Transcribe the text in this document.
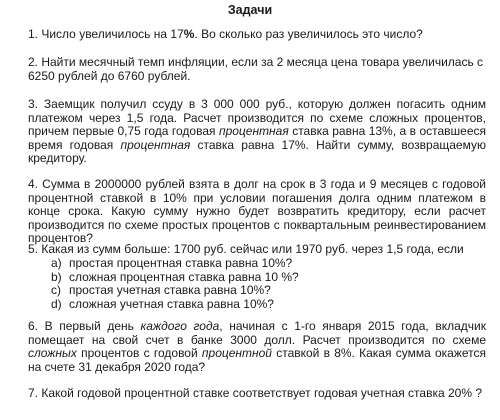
Задачи
1. Число увеличилось на 17%. Во сколько раз увеличилось это число?
2. Найти месячный темп инфляции, если за 2 месяца цена товара увеличилась с
6250 рублей до 6760 рублей.
3. Заемщик получил ссуду в 3 000 000 руб., которую должен погасить одним платежом через 1,5 года. Расчет производится по схеме сложных процентов, причем первые 0,75 года годовая процентная ставка равна 13%, а в оставшееся время годовая процентная ставка равна 17%. Найти сумму, возвращаемую кредитору.
4. Сумма в 2000000 рублей взята в долг на срок в 3 года и 9 месяцев с годовой процентной ставкой в 10% при условии погашения долга одним платежом в конце срока. Какую сумму нужно будет возвратить кредитору, если расчет производится по схеме простых процентов с поквартальным реинвестированием процентов?
5. Какая из сумм больше: 1700 руб. сейчас или 1970 руб. через 1,5 года, если
a) простая процентная ставка равна 10%?
b) сложная процентная ставка равна 10 %?
c) простая учетная ставка равна 10%?
d) сложная учетная ставка равна 10%?
6. В первый день каждого года, начиная с 1-го января 2015 года, вкладчик помещает на свой счет в банке 3000 долл. Расчет производится по схеме сложных процентов с годовой процентной ставкой в 8%. Какая сумма окажется на счете 31 декабря 2020 года?
7. Какой годовой процентной ставке соответствует годовая учетная ставка 20% ?
